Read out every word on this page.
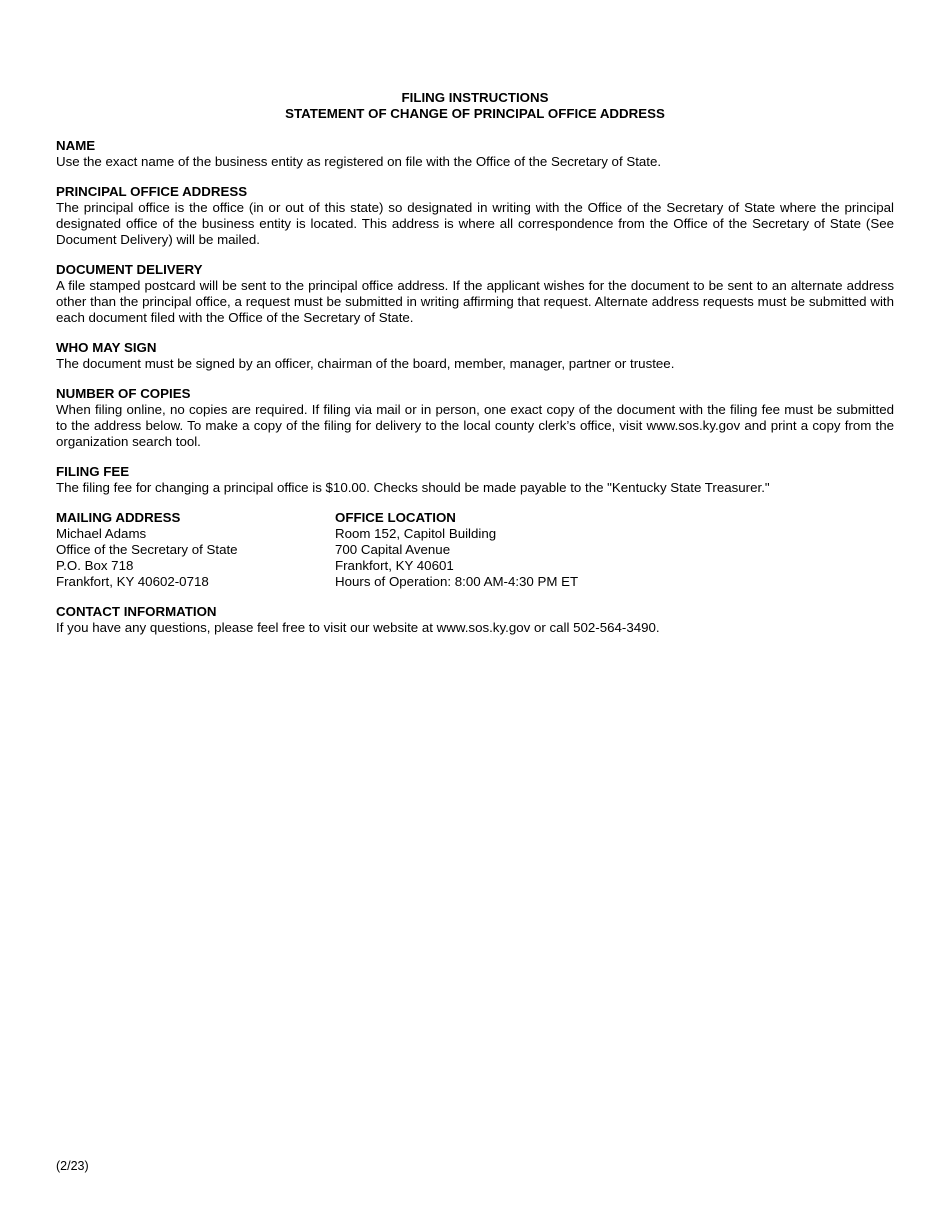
FILING INSTRUCTIONS
STATEMENT OF CHANGE OF PRINCIPAL OFFICE ADDRESS
NAME
Use the exact name of the business entity as registered on file with the Office of the Secretary of State.
PRINCIPAL OFFICE ADDRESS
The principal office is the office (in or out of this state) so designated in writing with the Office of the Secretary of State where the principal designated office of the business entity is located. This address is where all correspondence from the Office of the Secretary of State (See Document Delivery) will be mailed.
DOCUMENT DELIVERY
A file stamped postcard will be sent to the principal office address. If the applicant wishes for the document to be sent to an alternate address other than the principal office, a request must be submitted in writing affirming that request. Alternate address requests must be submitted with each document filed with the Office of the Secretary of State.
WHO MAY SIGN
The document must be signed by an officer, chairman of the board, member, manager, partner or trustee.
NUMBER OF COPIES
When filing online, no copies are required. If filing via mail or in person, one exact copy of the document with the filing fee must be submitted to the address below. To make a copy of the filing for delivery to the local county clerk’s office, visit www.sos.ky.gov and print a copy from the organization search tool.
FILING FEE
The filing fee for changing a principal office is $10.00. Checks should be made payable to the "Kentucky State Treasurer."
MAILING ADDRESS
Michael Adams
Office of the Secretary of State
P.O. Box 718
Frankfort, KY 40602-0718
OFFICE LOCATION
Room 152, Capitol Building
700 Capital Avenue
Frankfort, KY 40601
Hours of Operation: 8:00 AM-4:30 PM ET
CONTACT INFORMATION
If you have any questions, please feel free to visit our website at www.sos.ky.gov or call 502-564-3490.
(2/23)
